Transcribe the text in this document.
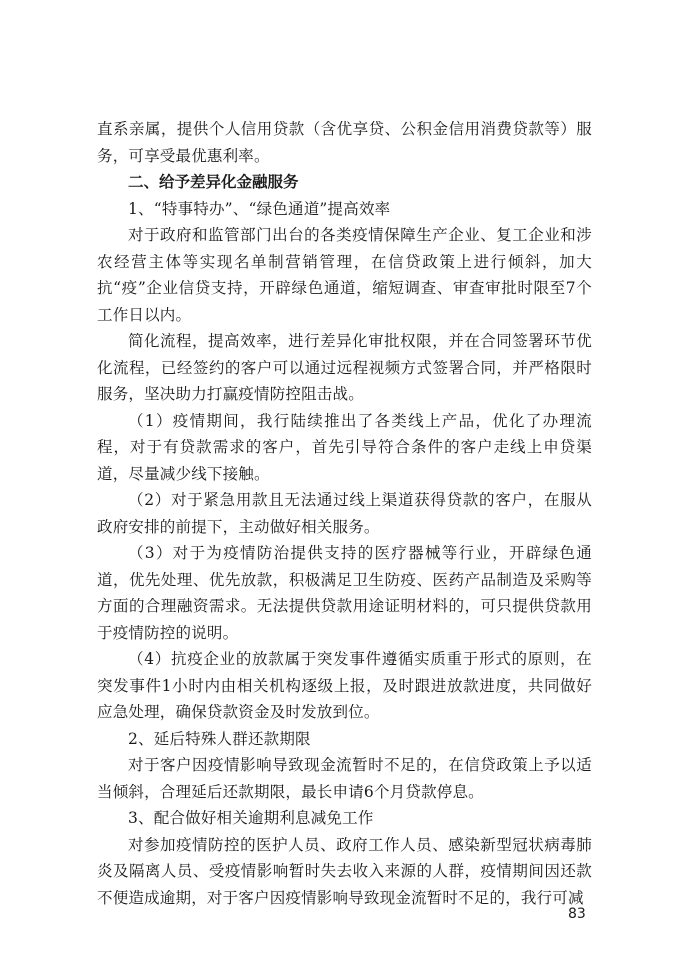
直系亲属，提供个人信用贷款（含优享贷、公积金信用消费贷款等）服务，可享受最优惠利率。

二、给予差异化金融服务

1、“特事特办”、“绿色通道”提高效率

对于政府和监管部门出台的各类疫情保障生产企业、复工企业和涉农经营主体等实现名单制营销管理，在信贷政策上进行倾斜，加大抗“疫”企业信贷支持，开辟绿色通道，缩短调查、审查审批时限至7个工作日以内。

简化流程，提高效率，进行差异化审批权限，并在合同签署环节优化流程，已经签约的客户可以通过远程视频方式签署合同，并严格限时服务，坚决助力打赢疫情防控阻击战。

（1）疫情期间，我行陆续推出了各类线上产品，优化了办理流程，对于有贷款需求的客户，首先引导符合条件的客户走线上申贷渠道，尽量减少线下接触。

（2）对于紧急用款且无法通过线上渠道获得贷款的客户，在服从政府安排的前提下，主动做好相关服务。

（3）对于为疫情防治提供支持的医疗器械等行业，开辟绿色通道，优先处理、优先放款，积极满足卫生防疫、医药产品制造及采购等方面的合理融资需求。无法提供贷款用途证明材料的，可只提供贷款用于疫情防控的说明。

（4）抗疫企业的放款属于突发事件遵循实质重于形式的原则，在突发事件1小时内由相关机构逐级上报，及时跟进放款进度，共同做好应急处理，确保贷款资金及时发放到位。

2、延后特殊人群还款期限

对于客户因疫情影响导致现金流暂时不足的，在信贷政策上予以适当倾斜，合理延后还款期限，最长申请6个月贷款停息。

3、配合做好相关逾期利息减免工作

对参加疫情防控的医护人员、政府工作人员、感染新型冠状病毒肺炎及隔离人员、受疫情影响暂时失去收入来源的人群，疫情期间因还款不便造成逾期，对于客户因疫情影响导致现金流暂时不足的，我行可减

83
